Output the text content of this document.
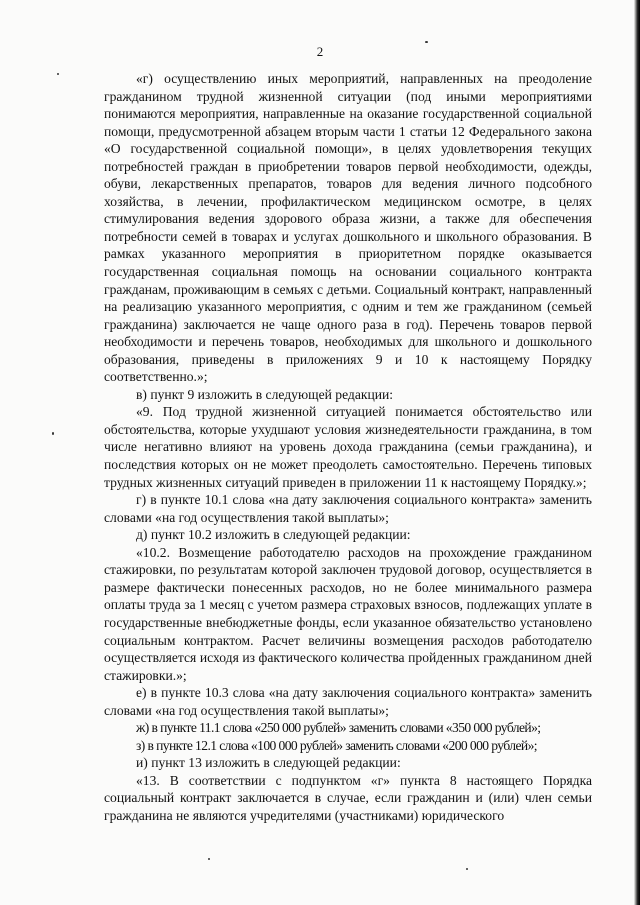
2

«г) осуществлению иных мероприятий, направленных на преодоление гражданином трудной жизненной ситуации (под иными мероприятиями понимаются мероприятия, направленные на оказание государственной социальной помощи, предусмотренной абзацем вторым части 1 статьи 12 Федерального закона «О государственной социальной помощи», в целях удовлетворения текущих потребностей граждан в приобретении товаров первой необходимости, одежды, обуви, лекарственных препаратов, товаров для ведения личного подсобного хозяйства, в лечении, профилактическом медицинском осмотре, в целях стимулирования ведения здорового образа жизни, а также для обеспечения потребности семей в товарах и услугах дошкольного и школьного образования. В рамках указанного мероприятия в приоритетном порядке оказывается государственная социальная помощь на основании социального контракта гражданам, проживающим в семьях с детьми. Социальный контракт, направленный на реализацию указанного мероприятия, с одним и тем же гражданином (семьей гражданина) заключается не чаще одного раза в год). Перечень товаров первой необходимости и перечень товаров, необходимых для школьного и дошкольного образования, приведены в приложениях 9 и 10 к настоящему Порядку соответственно.»;

в) пункт 9 изложить в следующей редакции:

«9. Под трудной жизненной ситуацией понимается обстоятельство или обстоятельства, которые ухудшают условия жизнедеятельности гражданина, в том числе негативно влияют на уровень дохода гражданина (семьи гражданина), и последствия которых он не может преодолеть самостоятельно. Перечень типовых трудных жизненных ситуаций приведен в приложении 11 к настоящему Порядку.»;

г) в пункте 10.1 слова «на дату заключения социального контракта» заменить словами «на год осуществления такой выплаты»;

д) пункт 10.2 изложить в следующей редакции:

«10.2. Возмещение работодателю расходов на прохождение гражданином стажировки, по результатам которой заключен трудовой договор, осуществляется в размере фактически понесенных расходов, но не более минимального размера оплаты труда за 1 месяц с учетом размера страховых взносов, подлежащих уплате в государственные внебюджетные фонды, если указанное обязательство установлено социальным контрактом. Расчет величины возмещения расходов работодателю осуществляется исходя из фактического количества пройденных гражданином дней стажировки.»;

е) в пункте 10.3 слова «на дату заключения социального контракта» заменить словами «на год осуществления такой выплаты»;

ж) в пункте 11.1 слова «250 000 рублей» заменить словами «350 000 рублей»;

з) в пункте 12.1 слова «100 000 рублей» заменить словами «200 000 рублей»;

и) пункт 13 изложить в следующей редакции:

«13. В соответствии с подпунктом «г» пункта 8 настоящего Порядка социальный контракт заключается в случае, если гражданин и (или) член семьи гражданина не являются учредителями (участниками) юридического
